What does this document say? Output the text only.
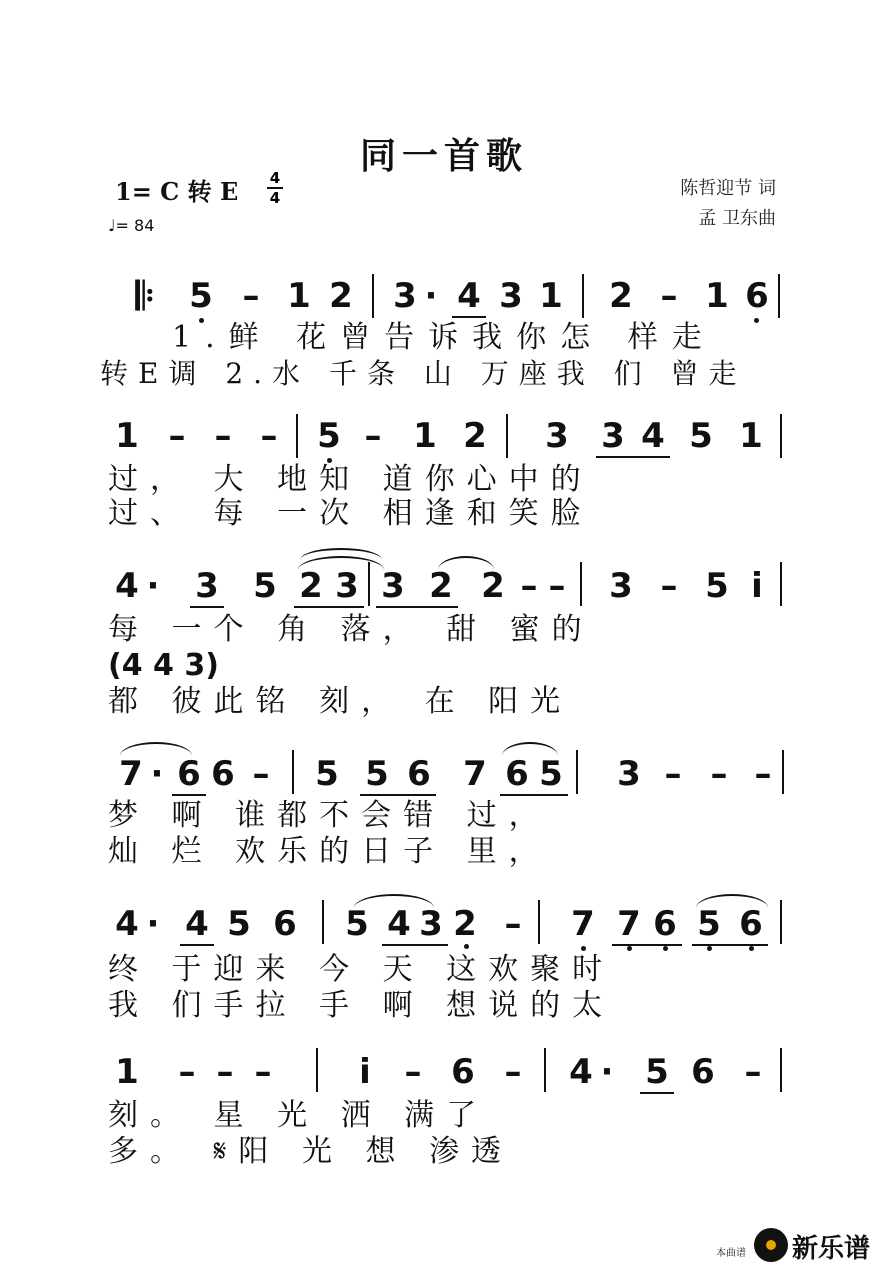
同一首歌
1= C 转 E	4
4
♩= 84
陈哲迎节 词
孟 卫东曲
𝄆 5 – 1 2 3 · 4 3 1 2 – 1 6
1.鲜 花曾告诉我你怎 样走
转E调 2.水 千条 山 万座我 们 曾走
1 – – – 5 – 1 2 3 3 4 5 1
过， 大 地知 道你心中的
过、 每 一次 相逢和笑脸
4 ·	3 5 2 3 3 2 2 – – 3 – 5 i
每 一个 角 落， 甜 蜜的
(4 4 3)
都 彼此铭 刻， 在 阳光
7 · 6 6 – 5 5 6 7 6 5 3 – – –
梦 啊 谁都不会错 过，
灿 烂 欢乐的日子 里，
4 · 4 5 6 5 4 3 2 – 7 7 6 5 6
终 于迎来 今 天 这欢聚时
我 们手拉 手 啊 想说的太
1 – – –	i – 6 – 4 · 5 6 –
刻。 星 光 洒 满了
多。 𝄋阳 光 想 渗透
本曲谱 新乐谱
